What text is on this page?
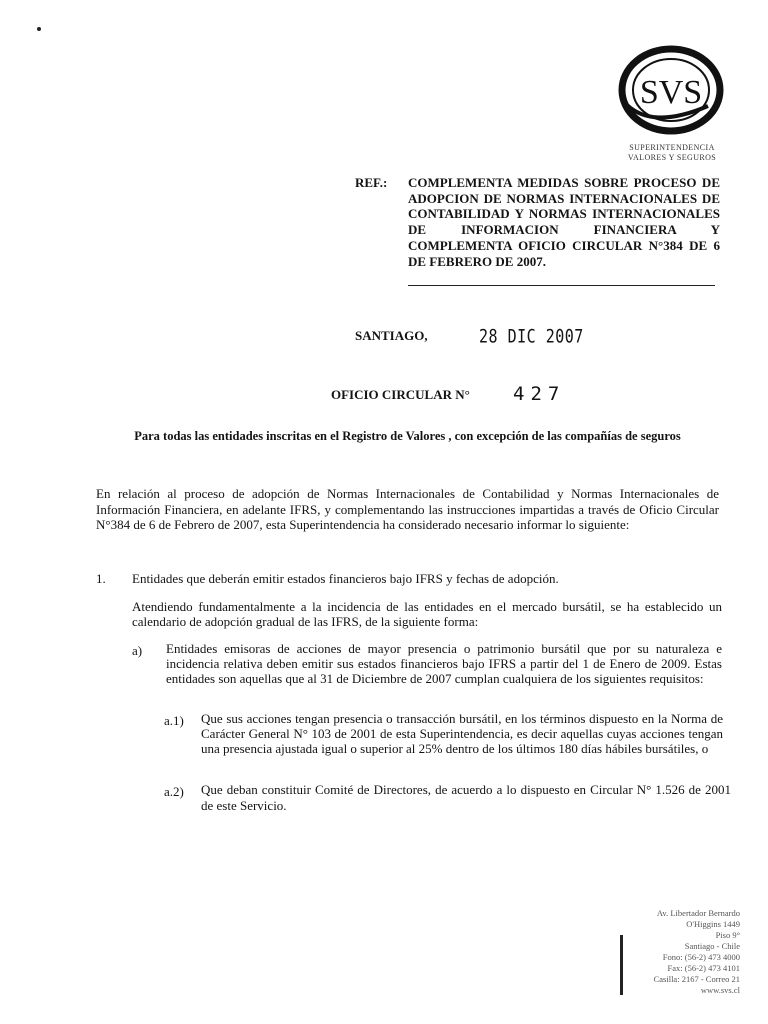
SVS
SUPERINTENDENCIA
VALORES Y SEGUROS
REF.: COMPLEMENTA MEDIDAS SOBRE PROCESO DE ADOPCION DE NORMAS INTERNACIONALES DE CONTABILIDAD Y NORMAS INTERNACIONALES DE INFORMACION FINANCIERA Y COMPLEMENTA OFICIO CIRCULAR N°384 DE 6 DE FEBRERO DE 2007.
SANTIAGO,	28 DIC 2007
OFICIO CIRCULAR N° 427
Para todas las entidades inscritas en el Registro de Valores , con excepción de las compañías de seguros
En relación al proceso de adopción de Normas Internacionales de Contabilidad y Normas Internacionales de Información Financiera, en adelante IFRS, y complementando las instrucciones impartidas a través de Oficio Circular N°384 de 6 de Febrero de 2007, esta Superintendencia ha considerado necesario informar lo siguiente:
1. Entidades que deberán emitir estados financieros bajo IFRS y fechas de adopción.
Atendiendo fundamentalmente a la incidencia de las entidades en el mercado bursátil, se ha establecido un calendario de adopción gradual de las IFRS, de la siguiente forma:
a) Entidades emisoras de acciones de mayor presencia o patrimonio bursátil que por su naturaleza e incidencia relativa deben emitir sus estados financieros bajo IFRS a partir del 1 de Enero de 2009. Estas entidades son aquellas que al 31 de Diciembre de 2007 cumplan cualquiera de los siguientes requisitos:
a.1) Que sus acciones tengan presencia o transacción bursátil, en los términos dispuesto en la Norma de Carácter General N° 103 de 2001 de esta Superintendencia, es decir aquellas cuyas acciones tengan una presencia ajustada igual o superior al 25% dentro de los últimos 180 días hábiles bursátiles, o
a.2) Que deban constituir Comité de Directores, de acuerdo a lo dispuesto en Circular N° 1.526 de 2001 de este Servicio.
Av. Libertador Bernardo
O'Higgins 1449
Piso 9°
Santiago - Chile
Fono: (56-2) 473 4000
Fax: (56-2) 473 4101
Casilla: 2167 - Correo 21
www.svs.cl
